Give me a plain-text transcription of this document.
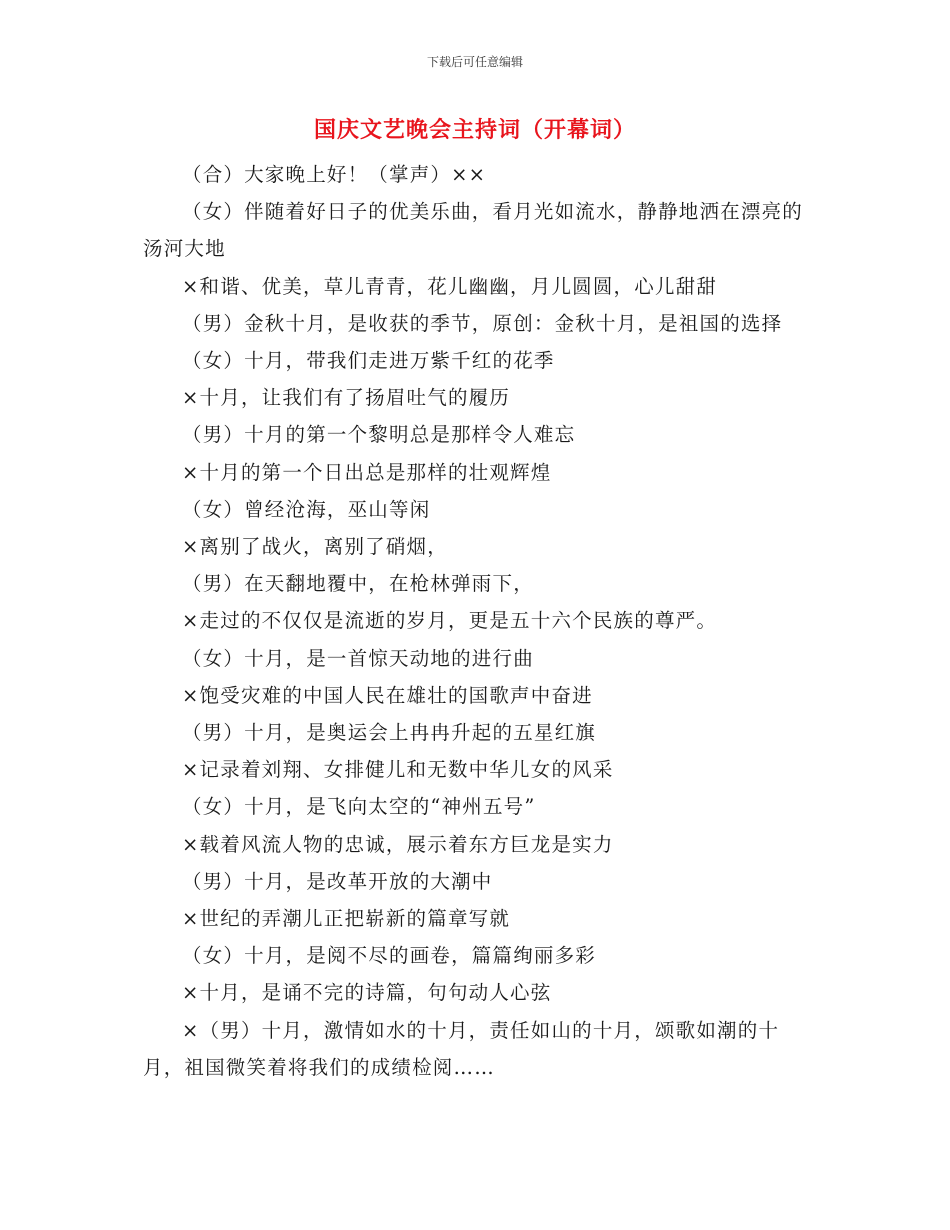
下载后可任意编辑
国庆文艺晚会主持词（开幕词）

（合）大家晚上好！（掌声）××

（女）伴随着好日子的优美乐曲，看月光如流水，静静地洒在漂亮的汤河大地

×和谐、优美，草儿青青，花儿幽幽，月儿圆圆，心儿甜甜

（男）金秋十月，是收获的季节，原创：金秋十月，是祖国的选择

（女）十月，带我们走进万紫千红的花季

×十月，让我们有了扬眉吐气的履历

（男）十月的第一个黎明总是那样令人难忘

×十月的第一个日出总是那样的壮观辉煌

（女）曾经沧海，巫山等闲

×离别了战火，离别了硝烟，

（男）在天翻地覆中，在枪林弹雨下，

×走过的不仅仅是流逝的岁月，更是五十六个民族的尊严。

（女）十月，是一首惊天动地的进行曲

×饱受灾难的中国人民在雄壮的国歌声中奋进

（男）十月，是奥运会上冉冉升起的五星红旗

×记录着刘翔、女排健儿和无数中华儿女的风采

（女）十月，是飞向太空的“神州五号”

×载着风流人物的忠诚，展示着东方巨龙是实力

（男）十月，是改革开放的大潮中

×世纪的弄潮儿正把崭新的篇章写就

（女）十月，是阅不尽的画卷，篇篇绚丽多彩

×十月，是诵不完的诗篇，句句动人心弦

×（男）十月，激情如水的十月，责任如山的十月，颂歌如潮的十月，祖国微笑着将我们的成绩检阅……
